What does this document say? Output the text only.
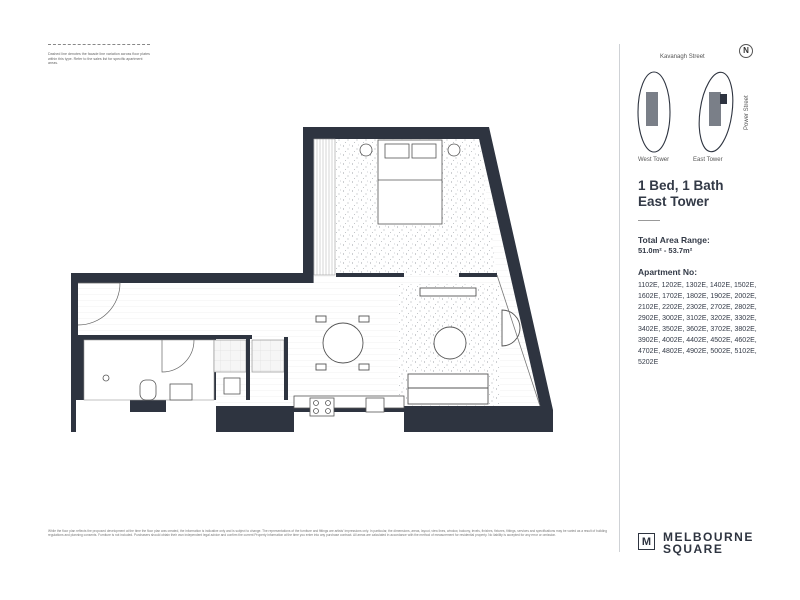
Dashed line denotes the facade line variation across floor plates within this type. Refer to the sales list for specific apartment areas.
Kavanagh Street
Power Street
N
West Tower	East Tower
1 Bed, 1 Bath
East Tower
Total Area Range:
51.0m² - 53.7m²
Apartment No:
1102E, 1202E, 1302E, 1402E, 1502E, 1602E, 1702E, 1802E, 1902E, 2002E, 2102E, 2202E, 2302E, 2702E, 2802E, 2902E, 3002E, 3102E, 3202E, 3302E, 3402E, 3502E, 3602E, 3702E, 3802E, 3902E, 4002E, 4402E, 4502E, 4602E, 4702E, 4802E, 4902E, 5002E, 5102E, 5202E
While the floor plan reflects the proposed development at the time the floor plan was created, the information is indicative only and is subject to change. The representations of the furniture and fittings are artists' impressions only. In particular, the dimensions, areas, layout, view lines, window, balcony, levels, finishes, fixtures, fittings, services and specifications may be varied as a result of building regulations and planning consents. Furniture is not included. Purchasers should obtain their own independent legal advice and confirm the current Property information at the time you enter into any purchase contract. All areas are calculated in accordance with the method of measurement for residential property. No liability is accepted for any error or omission.
M MELBOURNE
SQUARE
